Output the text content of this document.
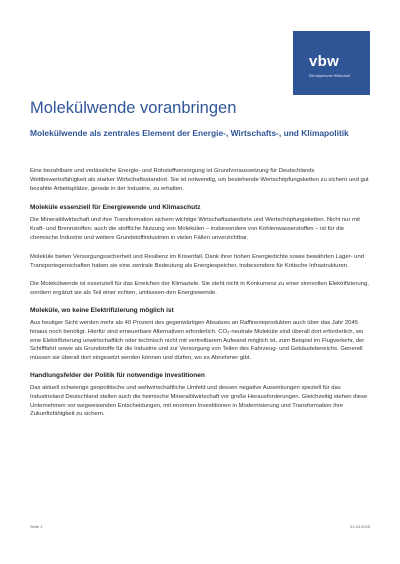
vbw
Die bayerische Wirtschaft
Molekülwende voranbringen
Molekülwende als zentrales Element der Energie-, Wirtschafts-, und Klimapolitik

Eine bezahlbare und verlässliche Energie- und Rohstoffversorgung ist Grundvoraussetzung für Deutschlands Wettbewerbsfähigkeit als starker Wirtschaftsstandort. Sie ist notwendig, um bestehende Wertschöpfungsketten zu sichern und gut bezahlte Arbeitsplätze, gerade in der Industrie, zu erhalten.

Moleküle essenziell für Energiewende und Klimaschutz

Die Mineralölwirtschaft und ihre Transformation sichern wichtige Wirtschaftsstandorte und Wertschöpfungsketten. Nicht nur mit Kraft- und Brennstoffen: auch die stoffliche Nutzung von Molekülen – insbesondere von Kohlenwasserstoffen – ist für die chemische Industrie und weitere Grundstoffindustrien in vielen Fällen unverzichtbar.

Moleküle bieten Versorgungssicherheit und Resilienz im Krisenfall. Dank ihrer hohen Energiedichte sowie bewährten Lager- und Transportegenschaften haben sie eine zentrale Bedeutung als Energiespeicher, insbesondere für Kritische Infrastrukturen.

Die Molekülwende ist essenziell für das Erreichen der Klimaziele. Sie steht nicht in Konkurrenz zu einer sinnvollen Elektrifizierung, sondern ergänzt sie als Teil einer echten, umfassen-den Energiewende.

Moleküle, wo keine Elektrifizierung möglich ist

Aus heutiger Sicht werden mehr als 40 Prozent des gegenwärtigen Absatzes an Raffinerieprodukten auch über das Jahr 2045 hinaus noch benötigt. Hierfür sind erneuerbare Alternativen erforderlich. CO₂-neutrale Moleküle sind überall dort erforderlich, wo eine Elektrifizierung unwirtschaftlich oder technisch nicht mit vertretbarem Aufwand möglich ist, zum Beispiel im Flugverkehr, der Schifffahrt sowie als Grundstoffe für die Industrie und zur Versorgung von Teilen des Fahrzeug- und Gebäudebereichs. Generell müssen sie überall dort eingesetzt werden können und dürfen, wo es Abnehmer gibt.

Handlungsfelder der Politik für notwendige Investitionen

Das aktuell schwierige geopolitische und weltwirtschaftliche Umfeld und dessen negative Auswirkungen speziell für das Industrieland Deutschland stellen auch die heimische Mineralölwirtschaft vor große Herausforderungen. Gleichzeitig stehen diese Unternehmen vor wegweisenden Entscheidungen, mit enormen Investitionen in Modernisierung und Transformation ihre Zukunftsfähigkeit zu sichern.

Seite 1	31.03.2025
